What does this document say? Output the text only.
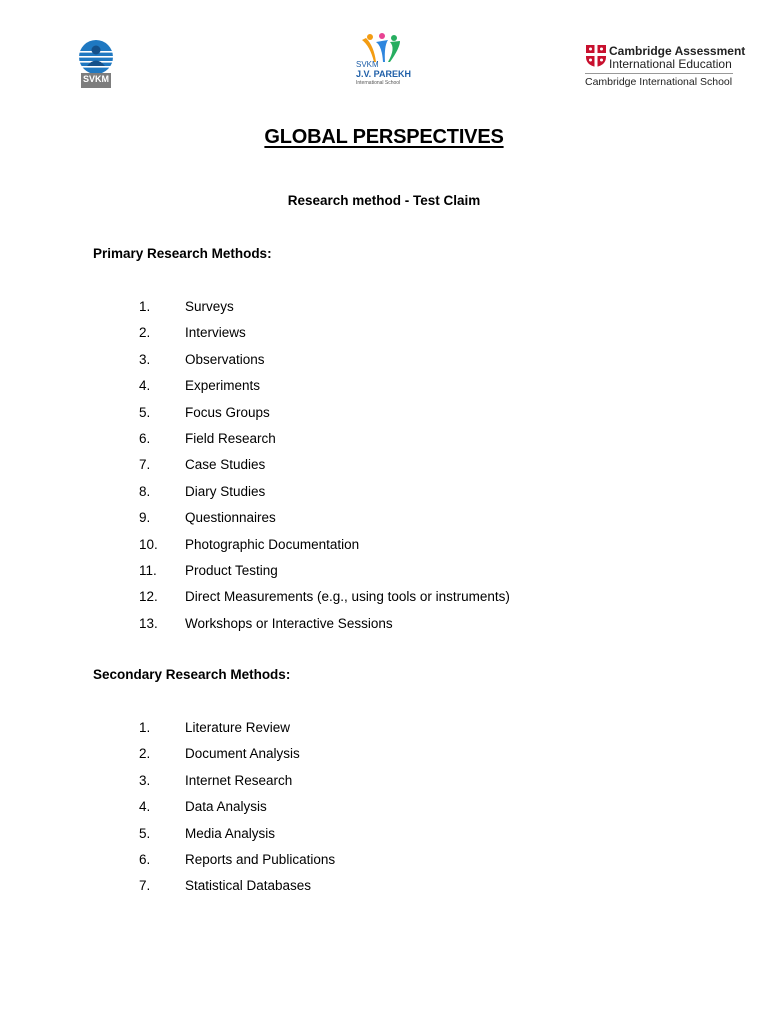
SVKM
SVKM
J.V. PAREKH
International School
Cambridge Assessment
International Education
Cambridge International School
GLOBAL PERSPECTIVES
Research method - Test Claim
Primary Research Methods:
1.	Surveys
2.	Interviews
3.	Observations
4.	Experiments
5.	Focus Groups
6.	Field Research
7.	Case Studies
8.	Diary Studies
9.	Questionnaires
10. Photographic Documentation
11. Product Testing
12. Direct Measurements (e.g., using tools or instruments)
13. Workshops or Interactive Sessions
Secondary Research Methods:
1.	Literature Review
2.	Document Analysis
3.	Internet Research
4.	Data Analysis
5.	Media Analysis
6.	Reports and Publications
7.	Statistical Databases
